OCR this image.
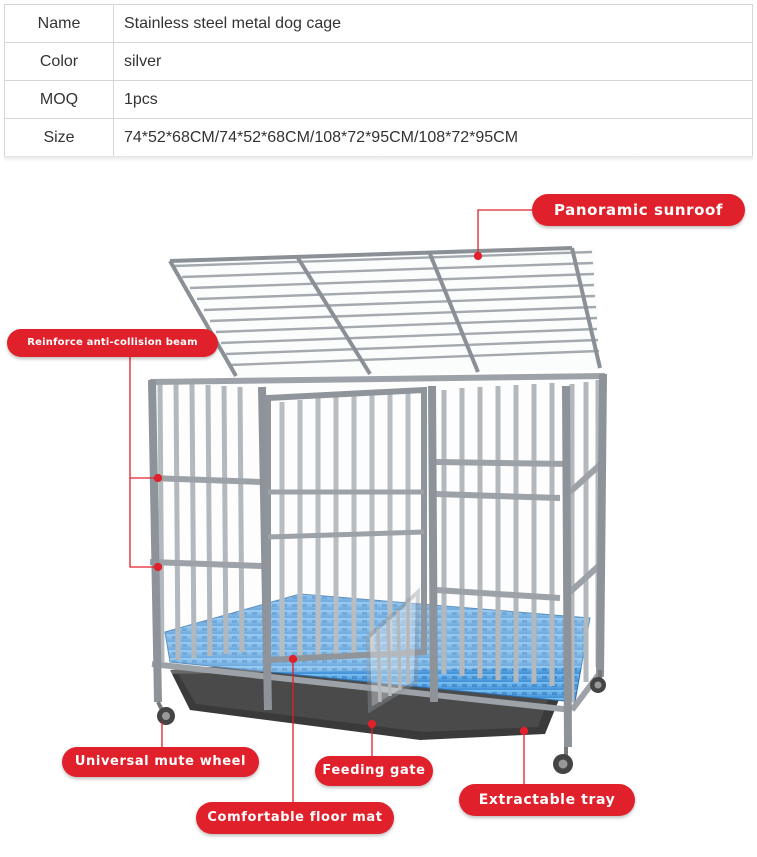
Name	Stainless steel metal dog cage
Color	silver
MOQ	1pcs
Size	74*52*68CM/74*52*68CM/108*72*95CM/108*72*95CM
Panoramic sunroof
Reinforce anti-collision beam
Universal mute wheel
Feeding gate
Extractable tray
Comfortable floor mat
